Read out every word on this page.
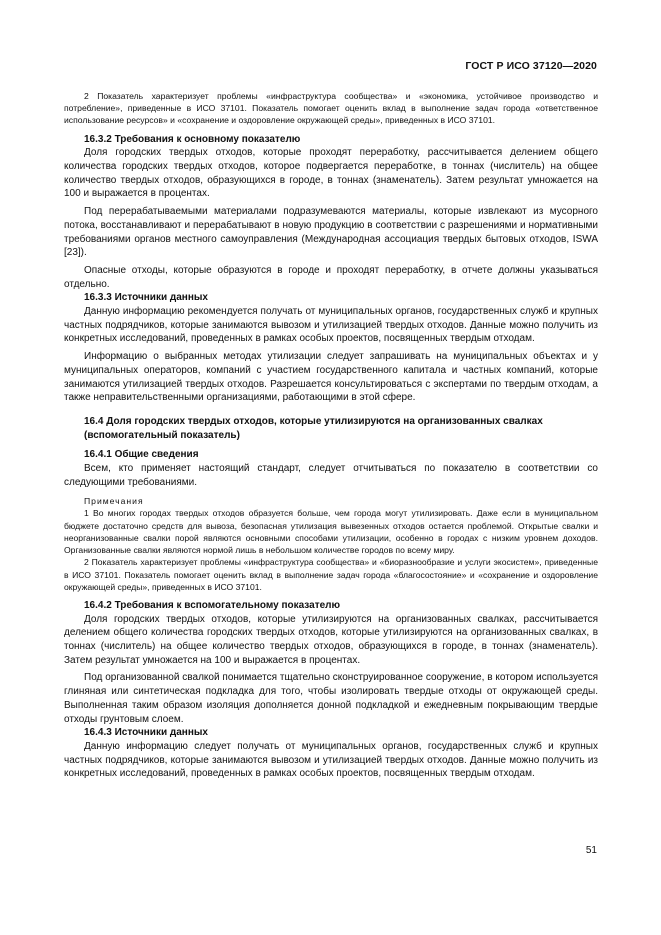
ГОСТ Р ИСО 37120—2020

2 Показатель характеризует проблемы «инфраструктура сообщества» и «экономика, устойчивое производство и потребление», приведенные в ИСО 37101. Показатель помогает оценить вклад в выполнение задач города «ответственное использование ресурсов» и «сохранение и оздоровление окружающей среды», приведенных в ИСО 37101.

16.3.2 Требования к основному показателю

Доля городских твердых отходов, которые проходят переработку, рассчитывается делением общего количества городских твердых отходов, которое подвергается переработке, в тоннах (числитель) на общее количество твердых отходов, образующихся в городе, в тоннах (знаменатель). Затем результат умножается на 100 и выражается в процентах.

Под перерабатываемыми материалами подразумеваются материалы, которые извлекают из мусорного потока, восстанавливают и перерабатывают в новую продукцию в соответствии с разрешениями и нормативными требованиями органов местного самоуправления (Международная ассоциация твердых бытовых отходов, ISWA [23]).

Опасные отходы, которые образуются в городе и проходят переработку, в отчете должны указываться отдельно.

16.3.3 Источники данных

Данную информацию рекомендуется получать от муниципальных органов, государственных служб и крупных частных подрядчиков, которые занимаются вывозом и утилизацией твердых отходов. Данные можно получить из конкретных исследований, проведенных в рамках особых проектов, посвященных твердым отходам.

Информацию о выбранных методах утилизации следует запрашивать на муниципальных объектах и у муниципальных операторов, компаний с участием государственного капитала и частных компаний, которые занимаются утилизацией твердых отходов. Разрешается консультироваться с экспертами по твердым отходам, а также неправительственными организациями, работающими в этой сфере.

16.4 Доля городских твердых отходов, которые утилизируются на организованных свалках (вспомогательный показатель)

16.4.1 Общие сведения

Всем, кто применяет настоящий стандарт, следует отчитываться по показателю в соответствии со следующими требованиями.

Примечания

1 Во многих городах твердых отходов образуется больше, чем города могут утилизировать. Даже если в муниципальном бюджете достаточно средств для вывоза, безопасная утилизация вывезенных отходов остается проблемой. Открытые свалки и неорганизованные свалки порой являются основными способами утилизации, особенно в городах с низким уровнем доходов. Организованные свалки являются нормой лишь в небольшом количестве городов по всему миру.

2 Показатель характеризует проблемы «инфраструктура сообщества» и «биоразнообразие и услуги экосистем», приведенные в ИСО 37101. Показатель помогает оценить вклад в выполнение задач города «благосостояние» и «сохранение и оздоровление окружающей среды», приведенных в ИСО 37101.

16.4.2 Требования к вспомогательному показателю

Доля городских твердых отходов, которые утилизируются на организованных свалках, рассчитывается делением общего количества городских твердых отходов, которые утилизируются на организованных свалках, в тоннах (числитель) на общее количество твердых отходов, образующихся в городе, в тоннах (знаменатель). Затем результат умножается на 100 и выражается в процентах.

Под организованной свалкой понимается тщательно сконструированное сооружение, в котором используется глиняная или синтетическая подкладка для того, чтобы изолировать твердые отходы от окружающей среды. Выполненная таким образом изоляция дополняется донной подкладкой и ежедневным покрывающим твердые отходы грунтовым слоем.

16.4.3 Источники данных

Данную информацию следует получать от муниципальных органов, государственных служб и крупных частных подрядчиков, которые занимаются вывозом и утилизацией твердых отходов. Данные можно получить из конкретных исследований, проведенных в рамках особых проектов, посвященных твердым отходам.

51
